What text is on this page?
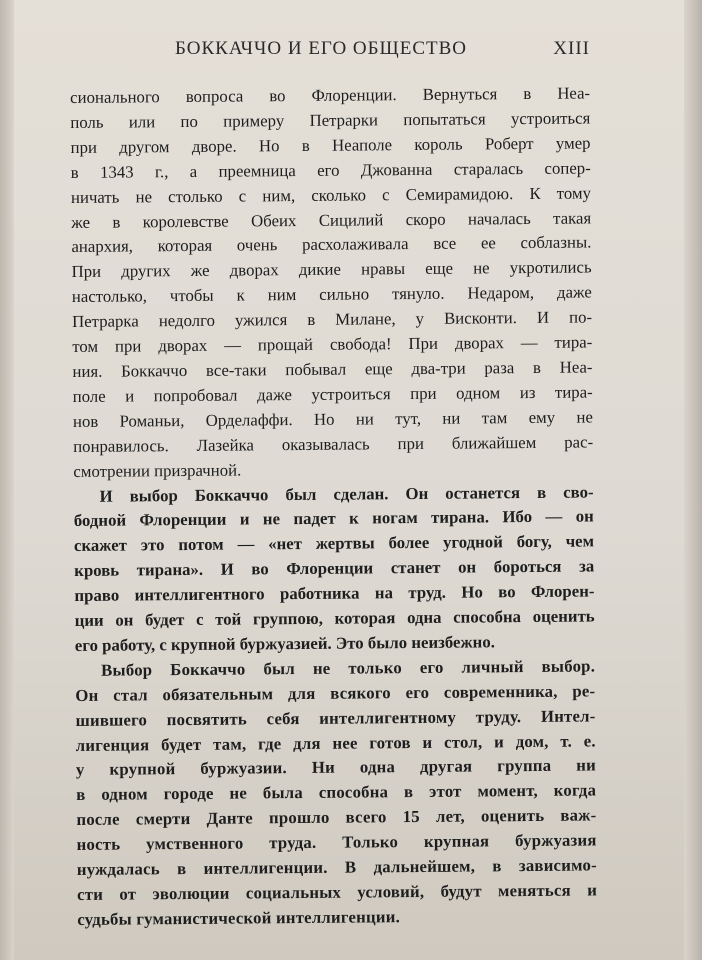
БОККАЧЧО И ЕГО ОБЩЕСТВО	XIII
сионального вопроса во Флоренции. Вернуться в Неа-
поль или по примеру Петрарки попытаться устроиться
при другом дворе. Но в Неаполе король Роберт умер
в 1343 г., а преемница его Джованна старалась сопер-
ничать не столько с ним, сколько с Семирамидою. К тому
же в королевстве Обеих Сицилий скоро началась такая
анархия, которая очень расхолаживала все ее соблазны.
При других же дворах дикие нравы еще не укротились
настолько, чтобы к ним сильно тянуло. Недаром, даже
Петрарка недолго ужился в Милане, у Висконти. И по-
том при дворах — прощай свобода! При дворах — тира-
ния. Боккаччо все-таки побывал еще два-три раза в Неа-
поле и попробовал даже устроиться при одном из тира-
нов Романьи, Орделаффи. Но ни тут, ни там ему не
понравилось. Лазейка оказывалась при ближайшем рас-
смотрении призрачной.
И выбор Боккаччо был сделан. Он останется в сво-
бодной Флоренции и не падет к ногам тирана. Ибо — он
скажет это потом — «нет жертвы более угодной богу, чем
кровь тирана». И во Флоренции станет он бороться за
право интеллигентного работника на труд. Но во Флорен-
ции он будет с той группою, которая одна способна оценить
его работу, с крупной буржуазией. Это было неизбежно.
Выбор Боккаччо был не только его личный выбор.
Он стал обязательным для всякого его современника, ре-
шившего посвятить себя интеллигентному труду. Интел-
лигенция будет там, где для нее готов и стол, и дом, т. е.
у крупной буржуазии. Ни одна другая группа ни
в одном городе не была способна в этот момент, когда
после смерти Данте прошло всего 15 лет, оценить важ-
ность умственного труда. Только крупная буржуазия
нуждалась в интеллигенции. В дальнейшем, в зависимо-
сти от эволюции социальных условий, будут меняться и
судьбы гуманистической интеллигенции.
